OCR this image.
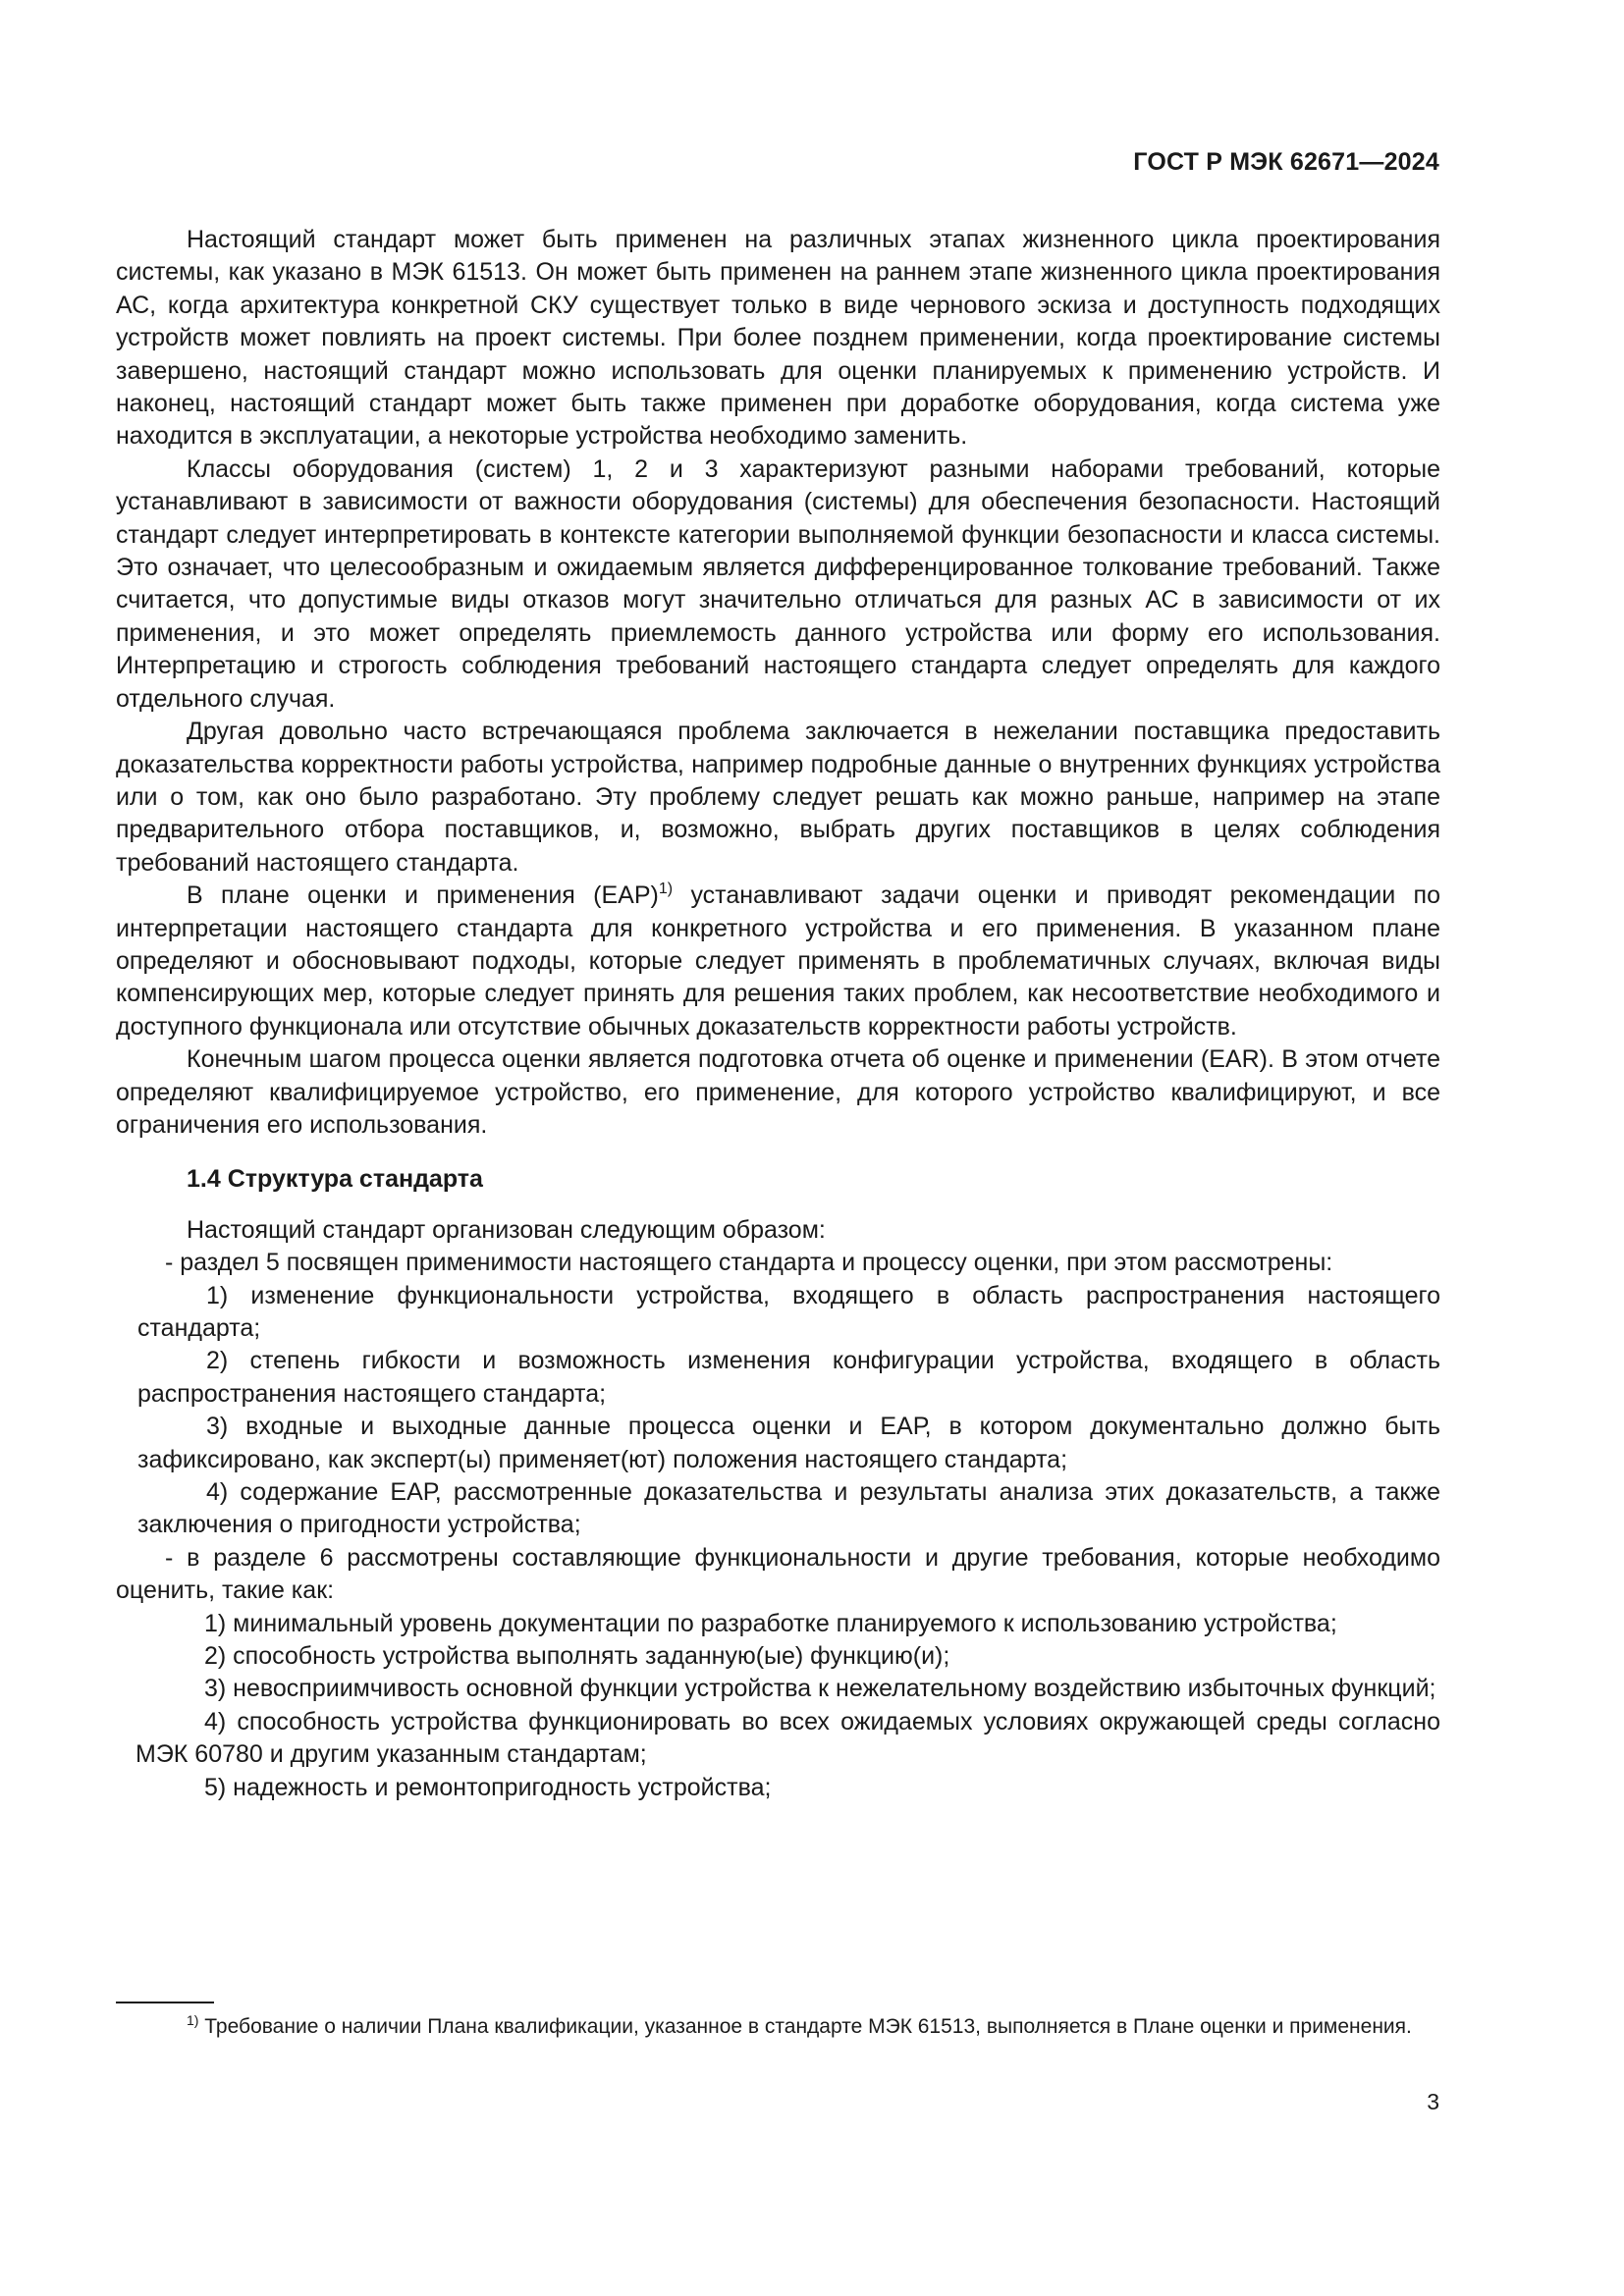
ГОСТ Р МЭК 62671—2024

Настоящий стандарт может быть применен на различных этапах жизненного цикла проектирования системы, как указано в МЭК 61513. Он может быть применен на раннем этапе жизненного цикла проектирования АС, когда архитектура конкретной СКУ существует только в виде чернового эскиза и доступность подходящих устройств может повлиять на проект системы. При более позднем применении, когда проектирование системы завершено, настоящий стандарт можно использовать для оценки планируемых к применению устройств. И наконец, настоящий стандарт может быть также применен при доработке оборудования, когда система уже находится в эксплуатации, а некоторые устройства необходимо заменить.

Классы оборудования (систем) 1, 2 и 3 характеризуют разными наборами требований, которые устанавливают в зависимости от важности оборудования (системы) для обеспечения безопасности. Настоящий стандарт следует интерпретировать в контексте категории выполняемой функции безопасности и класса системы. Это означает, что целесообразным и ожидаемым является дифференцированное толкование требований. Также считается, что допустимые виды отказов могут значительно отличаться для разных АС в зависимости от их применения, и это может определять приемлемость данного устройства или форму его использования. Интерпретацию и строгость соблюдения требований настоящего стандарта следует определять для каждого отдельного случая.

Другая довольно часто встречающаяся проблема заключается в нежелании поставщика предоставить доказательства корректности работы устройства, например подробные данные о внутренних функциях устройства или о том, как оно было разработано. Эту проблему следует решать как можно раньше, например на этапе предварительного отбора поставщиков, и, возможно, выбрать других поставщиков в целях соблюдения требований настоящего стандарта.

В плане оценки и применения (ЕАР)$^{1)}$ устанавливают задачи оценки и приводят рекомендации по интерпретации настоящего стандарта для конкретного устройства и его применения. В указанном плане определяют и обосновывают подходы, которые следует применять в проблематичных случаях, включая виды компенсирующих мер, которые следует принять для решения таких проблем, как несоответствие необходимого и доступного функционала или отсутствие обычных доказательств корректности работы устройств.

Конечным шагом процесса оценки является подготовка отчета об оценке и применении (EAR). В этом отчете определяют квалифицируемое устройство, его применение, для которого устройство квалифицируют, и все ограничения его использования.

1.4 Структура стандарта

Настоящий стандарт организован следующим образом:

- раздел 5 посвящен применимости настоящего стандарта и процессу оценки, при этом рассмотрены:

1) изменение функциональности устройства, входящего в область распространения настоящего стандарта;

2) степень гибкости и возможность изменения конфигурации устройства, входящего в область распространения настоящего стандарта;

3) входные и выходные данные процесса оценки и ЕАР, в котором документально должно быть зафиксировано, как эксперт(ы) применяет(ют) положения настоящего стандарта;

4) содержание ЕАР, рассмотренные доказательства и результаты анализа этих доказательств, а также заключения о пригодности устройства;

- в разделе 6 рассмотрены составляющие функциональности и другие требования, которые необходимо оценить, такие как:

1) минимальный уровень документации по разработке планируемого к использованию устройства;

2) способность устройства выполнять заданную(ые) функцию(и);

3) невосприимчивость основной функции устройства к нежелательному воздействию избыточных функций;

4) способность устройства функционировать во всех ожидаемых условиях окружающей среды согласно МЭК 60780 и другим указанным стандартам;

5) надежность и ремонтопригодность устройства;

$^{1)}$ Требование о наличии Плана квалификации, указанное в стандарте МЭК 61513, выполняется в Плане оценки и применения.
3
